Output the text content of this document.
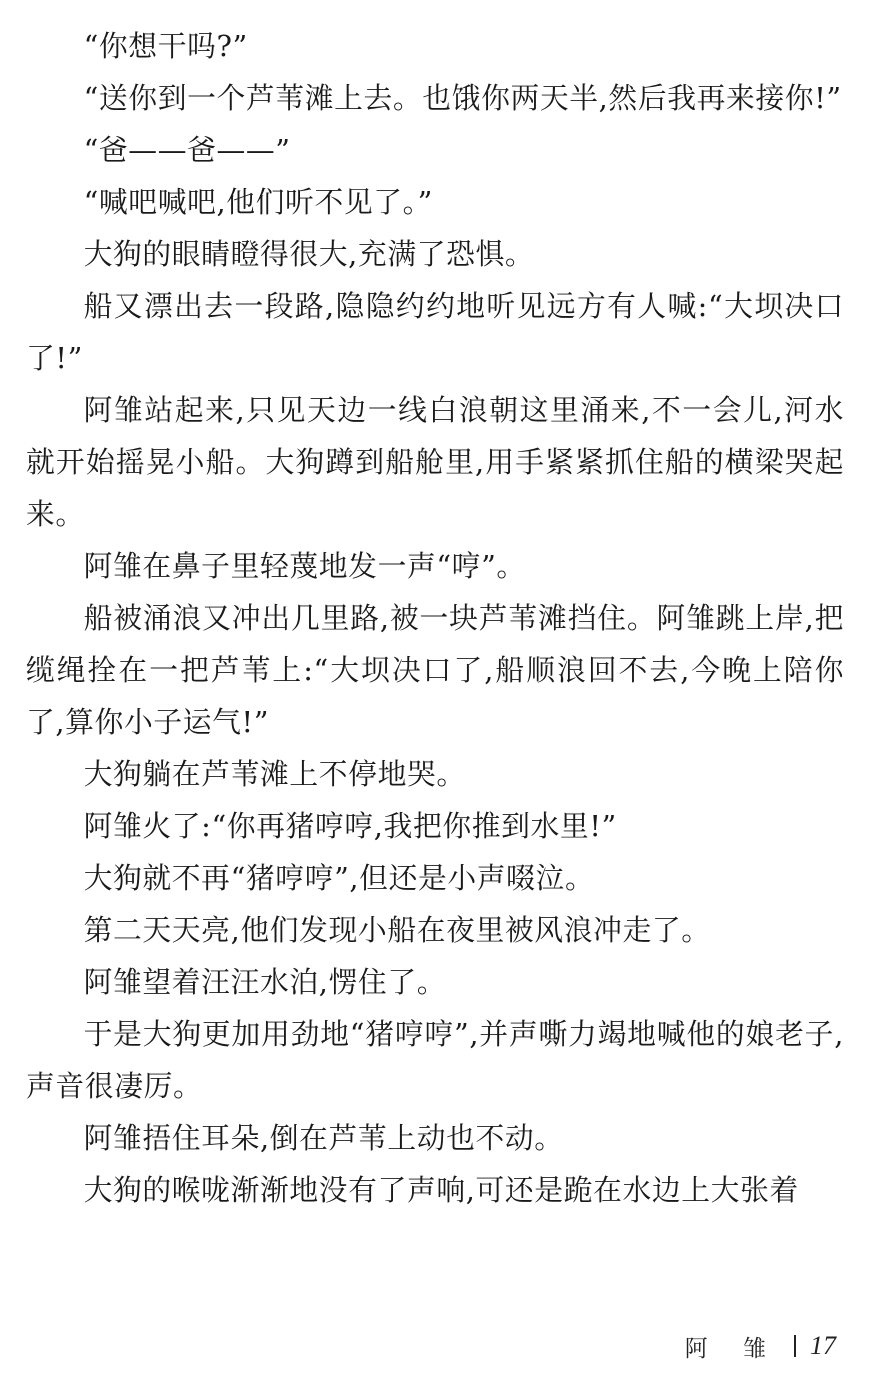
“你想干吗?”

“送你到一个芦苇滩上去。也饿你两天半,然后我再来接你!”

“爸——爸——”

“喊吧喊吧,他们听不见了。”

大狗的眼睛瞪得很大,充满了恐惧。

船又漂出去一段路,隐隐约约地听见远方有人喊:“大坝决口了!”

阿雏站起来,只见天边一线白浪朝这里涌来,不一会儿,河水就开始摇晃小船。大狗蹲到船舱里,用手紧紧抓住船的横梁哭起来。

阿雏在鼻子里轻蔑地发一声“哼”。

船被涌浪又冲出几里路,被一块芦苇滩挡住。阿雏跳上岸,把缆绳拴在一把芦苇上:“大坝决口了,船顺浪回不去,今晚上陪你了,算你小子运气!”

大狗躺在芦苇滩上不停地哭。

阿雏火了:“你再猪哼哼,我把你推到水里!”

大狗就不再“猪哼哼”,但还是小声啜泣。

第二天天亮,他们发现小船在夜里被风浪冲走了。

阿雏望着汪汪水泊,愣住了。

于是大狗更加用劲地“猪哼哼”,并声嘶力竭地喊他的娘老子,声音很凄厉。

阿雏捂住耳朵,倒在芦苇上动也不动。

大狗的喉咙渐渐地没有了声响,可还是跪在水边上大张着

阿 雏 17
